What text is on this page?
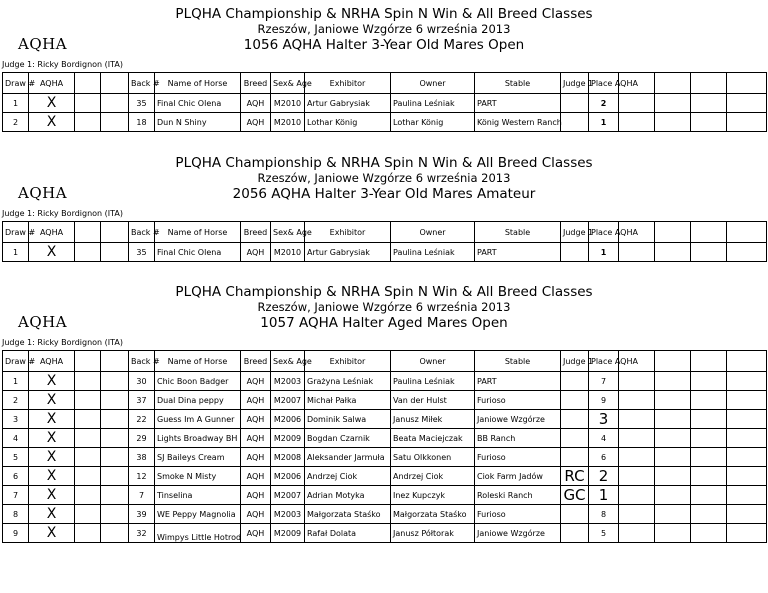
PLQHA Championship & NRHA Spin N Win & All Breed Classes
Rzeszów, Janiowe Wzgórze 6 września 2013
AQHA	1056 AQHA Halter 3-Year Old Mares Open
Judge 1: Ricky Bordignon (ITA)
Draw #	AQHA			Back #	Name of Horse	Breed	Sex& Age	Exhibitor	Owner	Stable	Judge 1	Place AQHA				
1	X			35	Final Chic Olena	AQH	M2010	Artur Gabrysiak	Paulina Leśniak	PART		2				
2	X			18	Dun N Shiny	AQH	M2010	Lothar König	Lothar König	König Western Ranch		1				
PLQHA Championship & NRHA Spin N Win & All Breed Classes
Rzeszów, Janiowe Wzgórze 6 września 2013
AQHA	2056 AQHA Halter 3-Year Old Mares Amateur
Judge 1: Ricky Bordignon (ITA)
Draw #	AQHA			Back #	Name of Horse	Breed	Sex& Age	Exhibitor	Owner	Stable	Judge 1	Place AQHA				
1	X			35	Final Chic Olena	AQH	M2010	Artur Gabrysiak	Paulina Leśniak	PART		1				
PLQHA Championship & NRHA Spin N Win & All Breed Classes
Rzeszów, Janiowe Wzgórze 6 września 2013
AQHA	1057 AQHA Halter Aged Mares Open
Judge 1: Ricky Bordignon (ITA)
Draw #	AQHA			Back #	Name of Horse	Breed	Sex& Age	Exhibitor	Owner	Stable	Judge 1	Place AQHA				
1	X			30	Chic Boon Badger	AQH	M2003	Grażyna Leśniak	Paulina Leśniak	PART		7				
2	X			37	Dual Dina peppy	AQH	M2007	Michał Pałka	Van der Hulst	Furioso		9				
3	X			22	Guess Im A Gunner	AQH	M2006	Dominik Salwa	Janusz Miłek	Janiowe Wzgórze		3				
4	X			29	Lights Broadway BH	AQH	M2009	Bogdan Czarnik	Beata Maciejczak	BB Ranch		4				
5	X			38	SJ Baileys Cream	AQH	M2008	Aleksander Jarmuła	Satu Olkkonen	Furioso		6				
6	X			12	Smoke N Misty	AQH	M2006	Andrzej Ciok	Andrzej Ciok	Ciok Farm Jadów	RC	2				
7	X			7	Tinselina	AQH	M2007	Adrian Motyka	Inez Kupczyk	Roleski Ranch	GC	1				
8	X			39	WE Peppy Magnolia	AQH	M2003	Małgorzata Staśko	Małgorzata Staśko	Furioso		8				
9	X			32	Wimpys Little Hotrod	AQH	M2009	Rafał Dolata	Janusz Półtorak	Janiowe Wzgórze		5				
